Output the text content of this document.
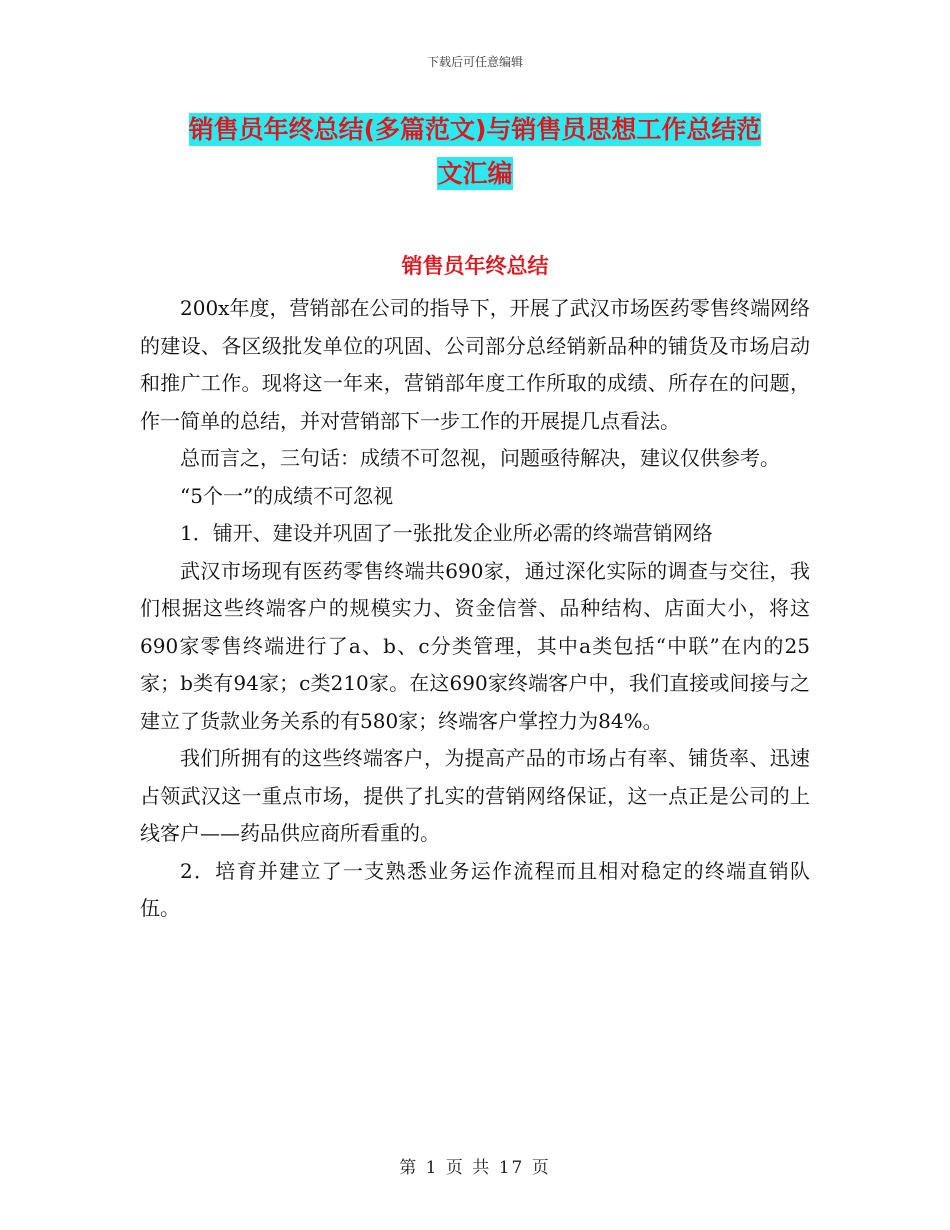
下载后可任意编辑
销售员年终总结(多篇范文)与销售员思想工作总结范
文汇编
销售员年终总结

200x年度，营销部在公司的指导下，开展了武汉市场医药零售终端网络的建设、各区级批发单位的巩固、公司部分总经销新品种的铺货及市场启动和推广工作。现将这一年来，营销部年度工作所取的成绩、所存在的问题，作一简单的总结，并对营销部下一步工作的开展提几点看法。

总而言之，三句话：成绩不可忽视，问题亟待解决，建议仅供参考。

“5个一”的成绩不可忽视

1．铺开、建设并巩固了一张批发企业所必需的终端营销网络

武汉市场现有医药零售终端共690家，通过深化实际的调查与交往，我们根据这些终端客户的规模实力、资金信誉、品种结构、店面大小，将这690家零售终端进行了a、b、c分类管理，其中a类包括“中联”在内的25家；b类有94家；c类210家。在这690家终端客户中，我们直接或间接与之建立了货款业务关系的有580家；终端客户掌控力为84%。

我们所拥有的这些终端客户，为提高产品的市场占有率、铺货率、迅速占领武汉这一重点市场，提供了扎实的营销网络保证，这一点正是公司的上线客户——药品供应商所看重的。

2．培育并建立了一支熟悉业务运作流程而且相对稳定的终端直销队伍。

第 1 页 共 17 页
